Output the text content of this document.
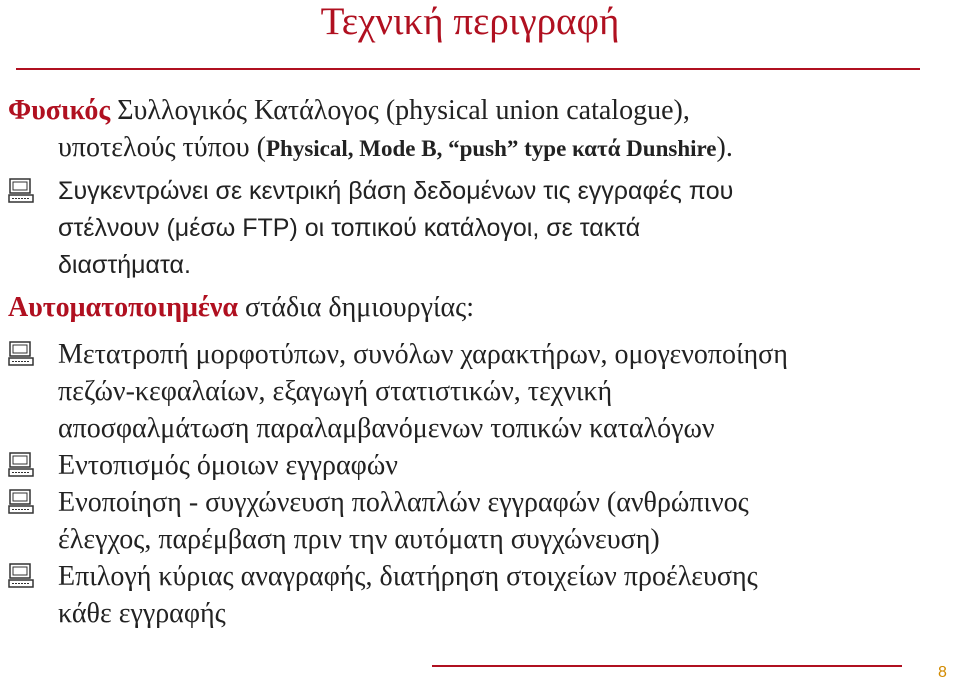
Τεχνική περιγραφή
Φυσικός Συλλογικός Κατάλογος (physical union catalogue),
υποτελούς τύπου (Physical, Mode B, “push” type κατά Dunshire).
Συγκεντρώνει σε κεντρική βάση δεδομένων τις εγγραφές που
στέλνουν (μέσω FTP) οι τοπικού κατάλογοι, σε τακτά
διαστήματα.
Αυτοματοποιημένα στάδια δημιουργίας:
Μετατροπή μορφοτύπων, συνόλων χαρακτήρων, ομογενοποίηση
πεζών-κεφαλαίων, εξαγωγή στατιστικών, τεχνική
αποσφαλμάτωση παραλαμβανόμενων τοπικών καταλόγων
Εντοπισμός όμοιων εγγραφών
Ενοποίηση - συγχώνευση πολλαπλών εγγραφών (ανθρώπινος
έλεγχος, παρέμβαση πριν την αυτόματη συγχώνευση)
Επιλογή κύριας αναγραφής, διατήρηση στοιχείων προέλευσης
κάθε εγγραφής
8
